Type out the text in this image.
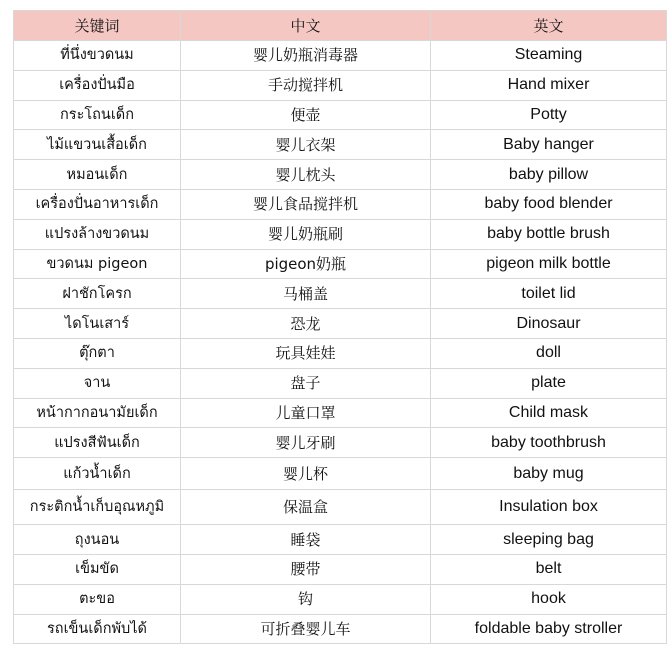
关键词	中文	英文
ที่นึ่งขวดนม	婴儿奶瓶消毒器	Steaming
เครื่องปั่นมือ	手动搅拌机	Hand mixer
กระโถนเด็ก	便壶	Potty
ไม้แขวนเสื้อเด็ก	婴儿衣架	Baby hanger
หมอนเด็ก	婴儿枕头	baby pillow
เครื่องปั่นอาหารเด็ก	婴儿食品搅拌机	baby food blender
แปรงล้างขวดนม	婴儿奶瓶刷	baby bottle brush
ขวดนม pigeon	pigeon奶瓶	pigeon milk bottle
ฝาชักโครก	马桶盖	toilet lid
ไดโนเสาร์	恐龙	Dinosaur
ตุ๊กตา	玩具娃娃	doll
จาน	盘子	plate
หน้ากากอนามัยเด็ก	儿童口罩	Child mask
แปรงสีฟันเด็ก	婴儿牙刷	baby toothbrush
แก้วน้ำเด็ก	婴儿杯	baby mug
กระติกน้ำเก็บอุณหภูมิ	保温盒	Insulation box
ถุงนอน	睡袋	sleeping bag
เข็มขัด	腰带	belt
ตะขอ	钩	hook
รถเข็นเด็กพับได้	可折叠婴儿车	foldable baby stroller
